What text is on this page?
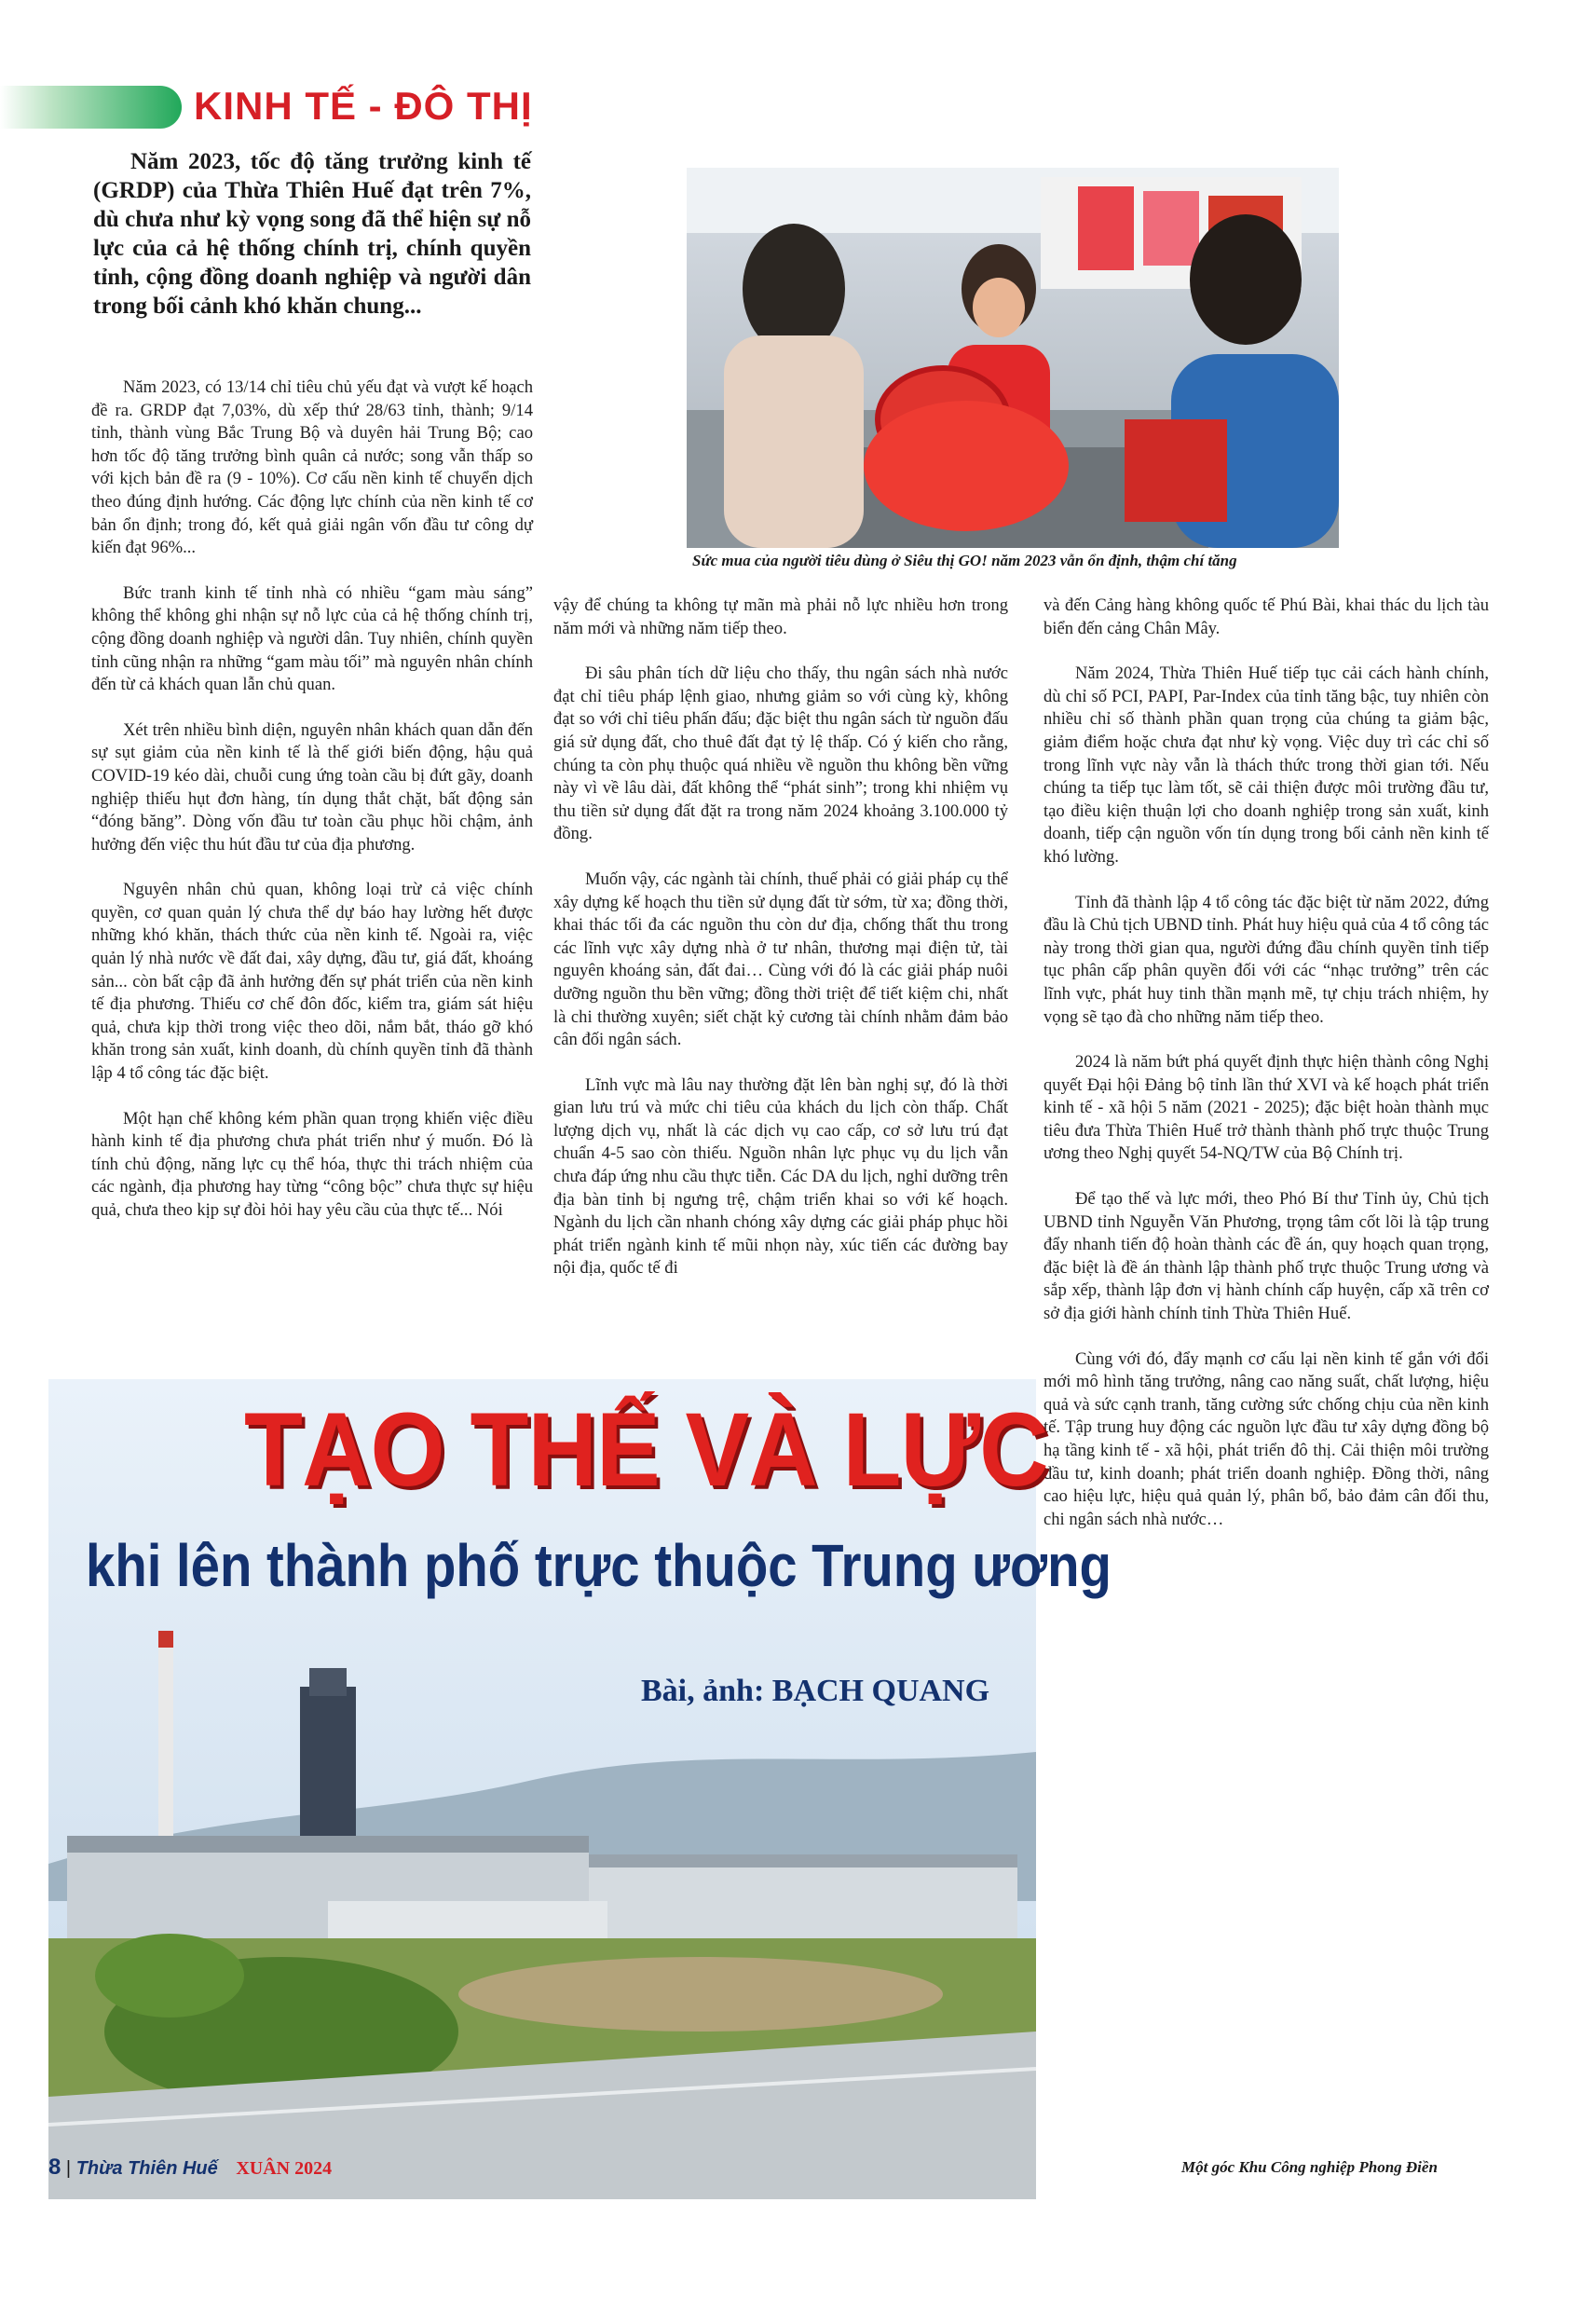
KINH TẾ - ĐÔ THỊ

Năm 2023, tốc độ tăng trưởng kinh tế (GRDP) của Thừa Thiên Huế đạt trên 7%, dù chưa như kỳ vọng song đã thể hiện sự nỗ lực của cả hệ thống chính trị, chính quyền tỉnh, cộng đồng doanh nghiệp và người dân trong bối cảnh khó khăn chung...

Sức mua của người tiêu dùng ở Siêu thị GO! năm 2023 vẫn ổn định, thậm chí tăng

Năm 2023, có 13/14 chỉ tiêu chủ yếu đạt và vượt kế hoạch đề ra. GRDP đạt 7,03%, dù xếp thứ 28/63 tỉnh, thành; 9/14 tỉnh, thành vùng Bắc Trung Bộ và duyên hải Trung Bộ; cao hơn tốc độ tăng trưởng bình quân cả nước; song vẫn thấp so với kịch bản đề ra (9 - 10%). Cơ cấu nền kinh tế chuyển dịch theo đúng định hướng. Các động lực chính của nền kinh tế cơ bản ổn định; trong đó, kết quả giải ngân vốn đầu tư công dự kiến đạt 96%...

Bức tranh kinh tế tỉnh nhà có nhiều “gam màu sáng” không thể không ghi nhận sự nỗ lực của cả hệ thống chính trị, cộng đồng doanh nghiệp và người dân. Tuy nhiên, chính quyền tỉnh cũng nhận ra những “gam màu tối” mà nguyên nhân chính đến từ cả khách quan lẫn chủ quan.

Xét trên nhiều bình diện, nguyên nhân khách quan dẫn đến sự sụt giảm của nền kinh tế là thế giới biến động, hậu quả COVID-19 kéo dài, chuỗi cung ứng toàn cầu bị đứt gãy, doanh nghiệp thiếu hụt đơn hàng, tín dụng thắt chặt, bất động sản “đóng băng”. Dòng vốn đầu tư toàn cầu phục hồi chậm, ảnh hưởng đến việc thu hút đầu tư của địa phương.

Nguyên nhân chủ quan, không loại trừ cả việc chính quyền, cơ quan quản lý chưa thể dự báo hay lường hết được những khó khăn, thách thức của nền kinh tế. Ngoài ra, việc quản lý nhà nước về đất đai, xây dựng, đầu tư, giá đất, khoáng sản... còn bất cập đã ảnh hưởng đến sự phát triển của nền kinh tế địa phương. Thiếu cơ chế đôn đốc, kiểm tra, giám sát hiệu quả, chưa kịp thời trong việc theo dõi, nắm bắt, tháo gỡ khó khăn trong sản xuất, kinh doanh, dù chính quyền tỉnh đã thành lập 4 tổ công tác đặc biệt.

Một hạn chế không kém phần quan trọng khiến việc điều hành kinh tế địa phương chưa phát triển như ý muốn. Đó là tính chủ động, năng lực cụ thể hóa, thực thi trách nhiệm của các ngành, địa phương hay từng “công bộc” chưa thực sự hiệu quả, chưa theo kịp sự đòi hỏi hay yêu cầu của thực tế... Nói

vậy để chúng ta không tự mãn mà phải nỗ lực nhiều hơn trong năm mới và những năm tiếp theo.

Đi sâu phân tích dữ liệu cho thấy, thu ngân sách nhà nước đạt chỉ tiêu pháp lệnh giao, nhưng giảm so với cùng kỳ, không đạt so với chỉ tiêu phấn đấu; đặc biệt thu ngân sách từ nguồn đấu giá sử dụng đất, cho thuê đất đạt tỷ lệ thấp. Có ý kiến cho rằng, chúng ta còn phụ thuộc quá nhiều về nguồn thu không bền vững này vì về lâu dài, đất không thể “phát sinh”; trong khi nhiệm vụ thu tiền sử dụng đất đặt ra trong năm 2024 khoảng 3.100.000 tỷ đồng.

Muốn vậy, các ngành tài chính, thuế phải có giải pháp cụ thể xây dựng kế hoạch thu tiền sử dụng đất từ sớm, từ xa; đồng thời, khai thác tối đa các nguồn thu còn dư địa, chống thất thu trong các lĩnh vực xây dựng nhà ở tư nhân, thương mại điện tử, tài nguyên khoáng sản, đất đai… Cùng với đó là các giải pháp nuôi dưỡng nguồn thu bền vững; đồng thời triệt để tiết kiệm chi, nhất là chi thường xuyên; siết chặt kỷ cương tài chính nhằm đảm bảo cân đối ngân sách.

Lĩnh vực mà lâu nay thường đặt lên bàn nghị sự, đó là thời gian lưu trú và mức chi tiêu của khách du lịch còn thấp. Chất lượng dịch vụ, nhất là các dịch vụ cao cấp, cơ sở lưu trú đạt chuẩn 4-5 sao còn thiếu. Nguồn nhân lực phục vụ du lịch vẫn chưa đáp ứng nhu cầu thực tiễn. Các DA du lịch, nghỉ dưỡng trên địa bàn tỉnh bị ngưng trệ, chậm triển khai so với kế hoạch. Ngành du lịch cần nhanh chóng xây dựng các giải pháp phục hồi phát triển ngành kinh tế mũi nhọn này, xúc tiến các đường bay nội địa, quốc tế đi

và đến Cảng hàng không quốc tế Phú Bài, khai thác du lịch tàu biển đến cảng Chân Mây.

Năm 2024, Thừa Thiên Huế tiếp tục cải cách hành chính, dù chỉ số PCI, PAPI, Par-Index của tỉnh tăng bậc, tuy nhiên còn nhiều chỉ số thành phần quan trọng của chúng ta giảm bậc, giảm điểm hoặc chưa đạt như kỳ vọng. Việc duy trì các chỉ số trong lĩnh vực này vẫn là thách thức trong thời gian tới. Nếu chúng ta tiếp tục làm tốt, sẽ cải thiện được môi trường đầu tư, tạo điều kiện thuận lợi cho doanh nghiệp trong sản xuất, kinh doanh, tiếp cận nguồn vốn tín dụng trong bối cảnh nền kinh tế khó lường.

Tỉnh đã thành lập 4 tổ công tác đặc biệt từ năm 2022, đứng đầu là Chủ tịch UBND tỉnh. Phát huy hiệu quả của 4 tổ công tác này trong thời gian qua, người đứng đầu chính quyền tỉnh tiếp tục phân cấp phân quyền đối với các “nhạc trưởng” trên các lĩnh vực, phát huy tinh thần mạnh mẽ, tự chịu trách nhiệm, hy vọng sẽ tạo đà cho những năm tiếp theo.

2024 là năm bứt phá quyết định thực hiện thành công Nghị quyết Đại hội Đảng bộ tỉnh lần thứ XVI và kế hoạch phát triển kinh tế - xã hội 5 năm (2021 - 2025); đặc biệt hoàn thành mục tiêu đưa Thừa Thiên Huế trở thành thành phố trực thuộc Trung ương theo Nghị quyết 54-NQ/TW của Bộ Chính trị.

Để tạo thế và lực mới, theo Phó Bí thư Tỉnh ủy, Chủ tịch UBND tỉnh Nguyễn Văn Phương, trọng tâm cốt lõi là tập trung đẩy nhanh tiến độ hoàn thành các đề án, quy hoạch quan trọng, đặc biệt là đề án thành lập thành phố trực thuộc Trung ương và sắp xếp, thành lập đơn vị hành chính cấp huyện, cấp xã trên cơ sở địa giới hành chính tỉnh Thừa Thiên Huế.

Cùng với đó, đẩy mạnh cơ cấu lại nền kinh tế gắn với đổi mới mô hình tăng trưởng, nâng cao năng suất, chất lượng, hiệu quả và sức cạnh tranh, tăng cường sức chống chịu của nền kinh tế. Tập trung huy động các nguồn lực đầu tư xây dựng đồng bộ hạ tầng kinh tế - xã hội, phát triển đô thị. Cải thiện môi trường đầu tư, kinh doanh; phát triển doanh nghiệp. Đồng thời, nâng cao hiệu lực, hiệu quả quản lý, phân bổ, bảo đảm cân đối thu, chi ngân sách nhà nước…

TẠO THẾ VÀ LỰC
khi lên thành phố trực thuộc Trung ương
Bài, ảnh: BẠCH QUANG
Một góc Khu Công nghiệp Phong Điền
8 | Thừa Thiên Huế XUÂN 2024
